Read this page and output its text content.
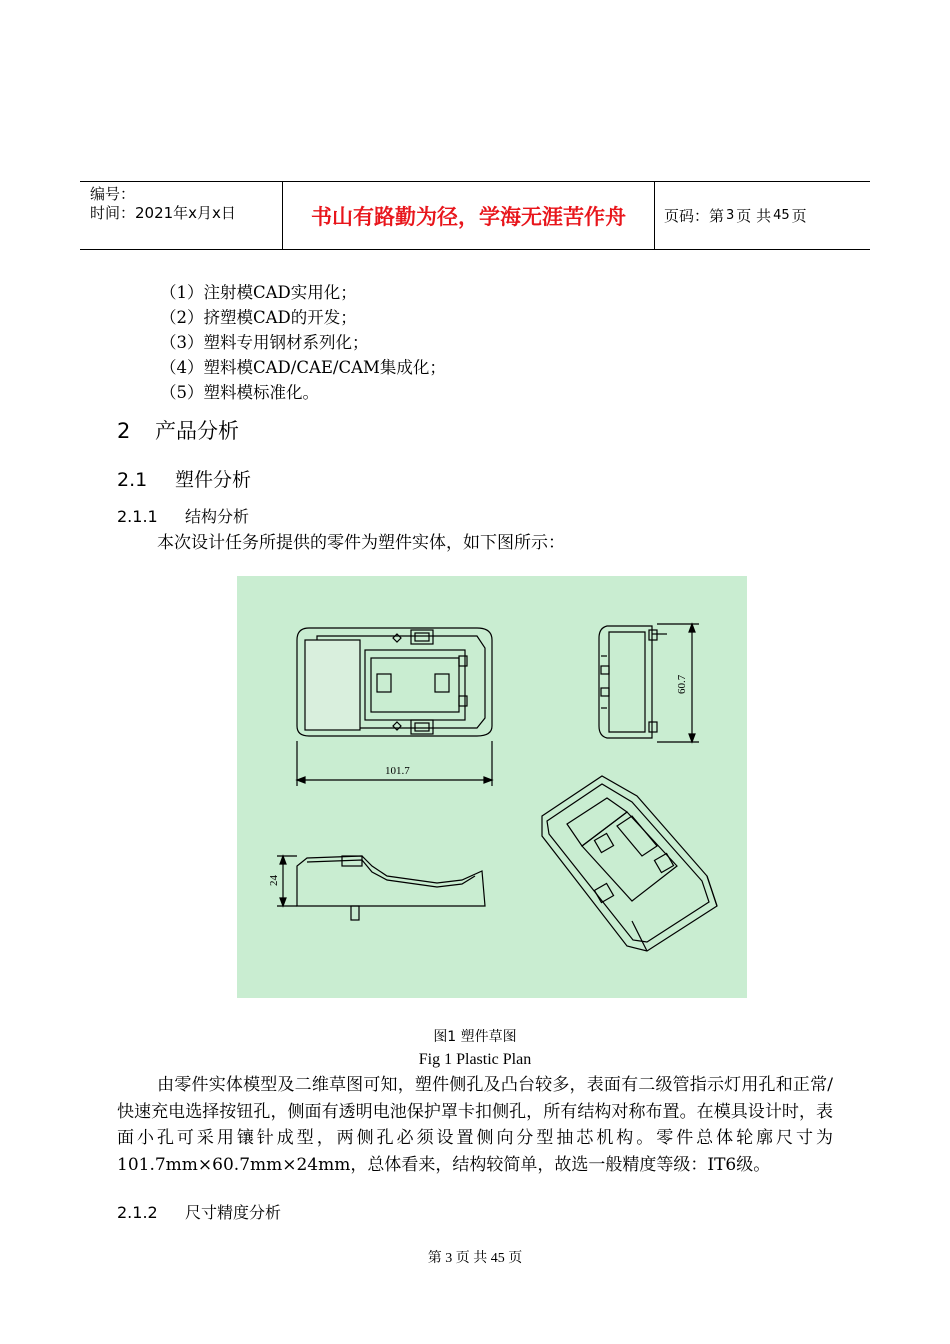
编号：
时间：2021年x月x日	书山有路勤为径，学海无涯苦作舟	页码：第 3 页 共 45 页
（1）注射模CAD实用化；
（2）挤塑模CAD的开发；
（3）塑料专用钢材系列化；
（4）塑料模CAD/CAE/CAM集成化；
（5）塑料模标准化。
2 产品分析
2.1 塑件分析
2.1.1 结构分析
本次设计任务所提供的零件为塑件实体，如下图所示：
101.7
60.7
24
图1 塑件草图
Fig 1 Plastic Plan
由零件实体模型及二维草图可知，塑件侧孔及凸台较多，表面有二级管指示灯用孔和正常/快速充电选择按钮孔，侧面有透明电池保护罩卡扣侧孔，所有结构对称布置。在模具设计时，表面小孔可采用镶针成型，两侧孔必须设置侧向分型抽芯机构。零件总体轮廓尺寸为101.7mm×60.7mm×24mm，总体看来，结构较简单，故选一般精度等级：IT6级。
2.1.2 尺寸精度分析
第 3 页 共 45 页
